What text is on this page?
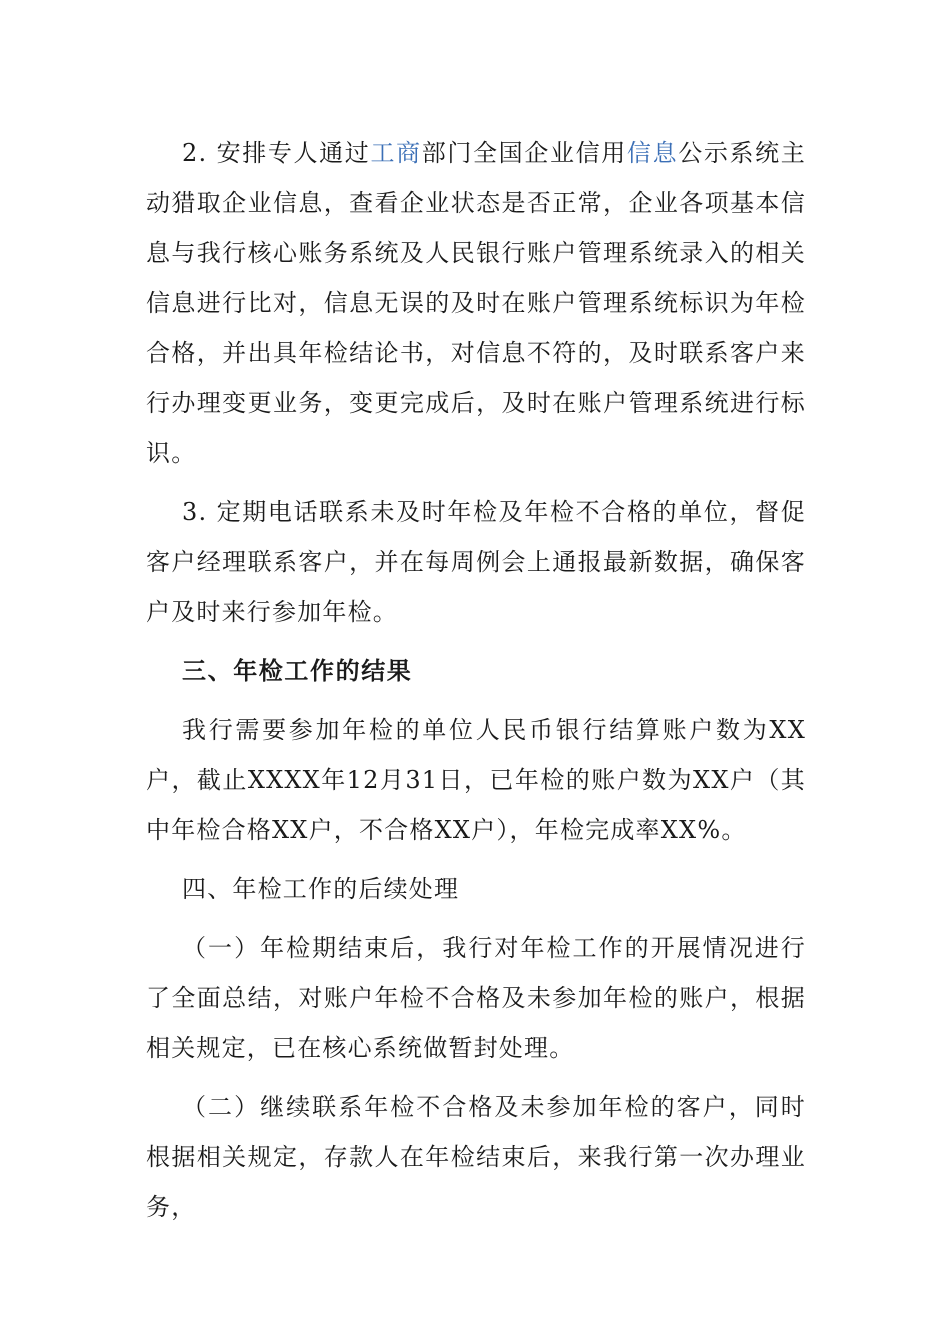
2. 安排专人通过工商部门全国企业信用信息公示系统主动猎取企业信息，查看企业状态是否正常，企业各项基本信息与我行核心账务系统及人民银行账户管理系统录入的相关信息进行比对，信息无误的及时在账户管理系统标识为年检合格，并出具年检结论书，对信息不符的，及时联系客户来行办理变更业务，变更完成后，及时在账户管理系统进行标识。

3. 定期电话联系未及时年检及年检不合格的单位，督促客户经理联系客户，并在每周例会上通报最新数据，确保客户及时来行参加年检。

三、年检工作的结果

我行需要参加年检的单位人民币银行结算账户数为XX户，截止XXXX年12月31日，已年检的账户数为XX户（其中年检合格XX户，不合格XX户），年检完成率XX%。

四、年检工作的后续处理

（一）年检期结束后，我行对年检工作的开展情况进行了全面总结，对账户年检不合格及未参加年检的账户，根据相关规定，已在核心系统做暂封处理。

（二）继续联系年检不合格及未参加年检的客户，同时根据相关规定，存款人在年检结束后，来我行第一次办理业务，
